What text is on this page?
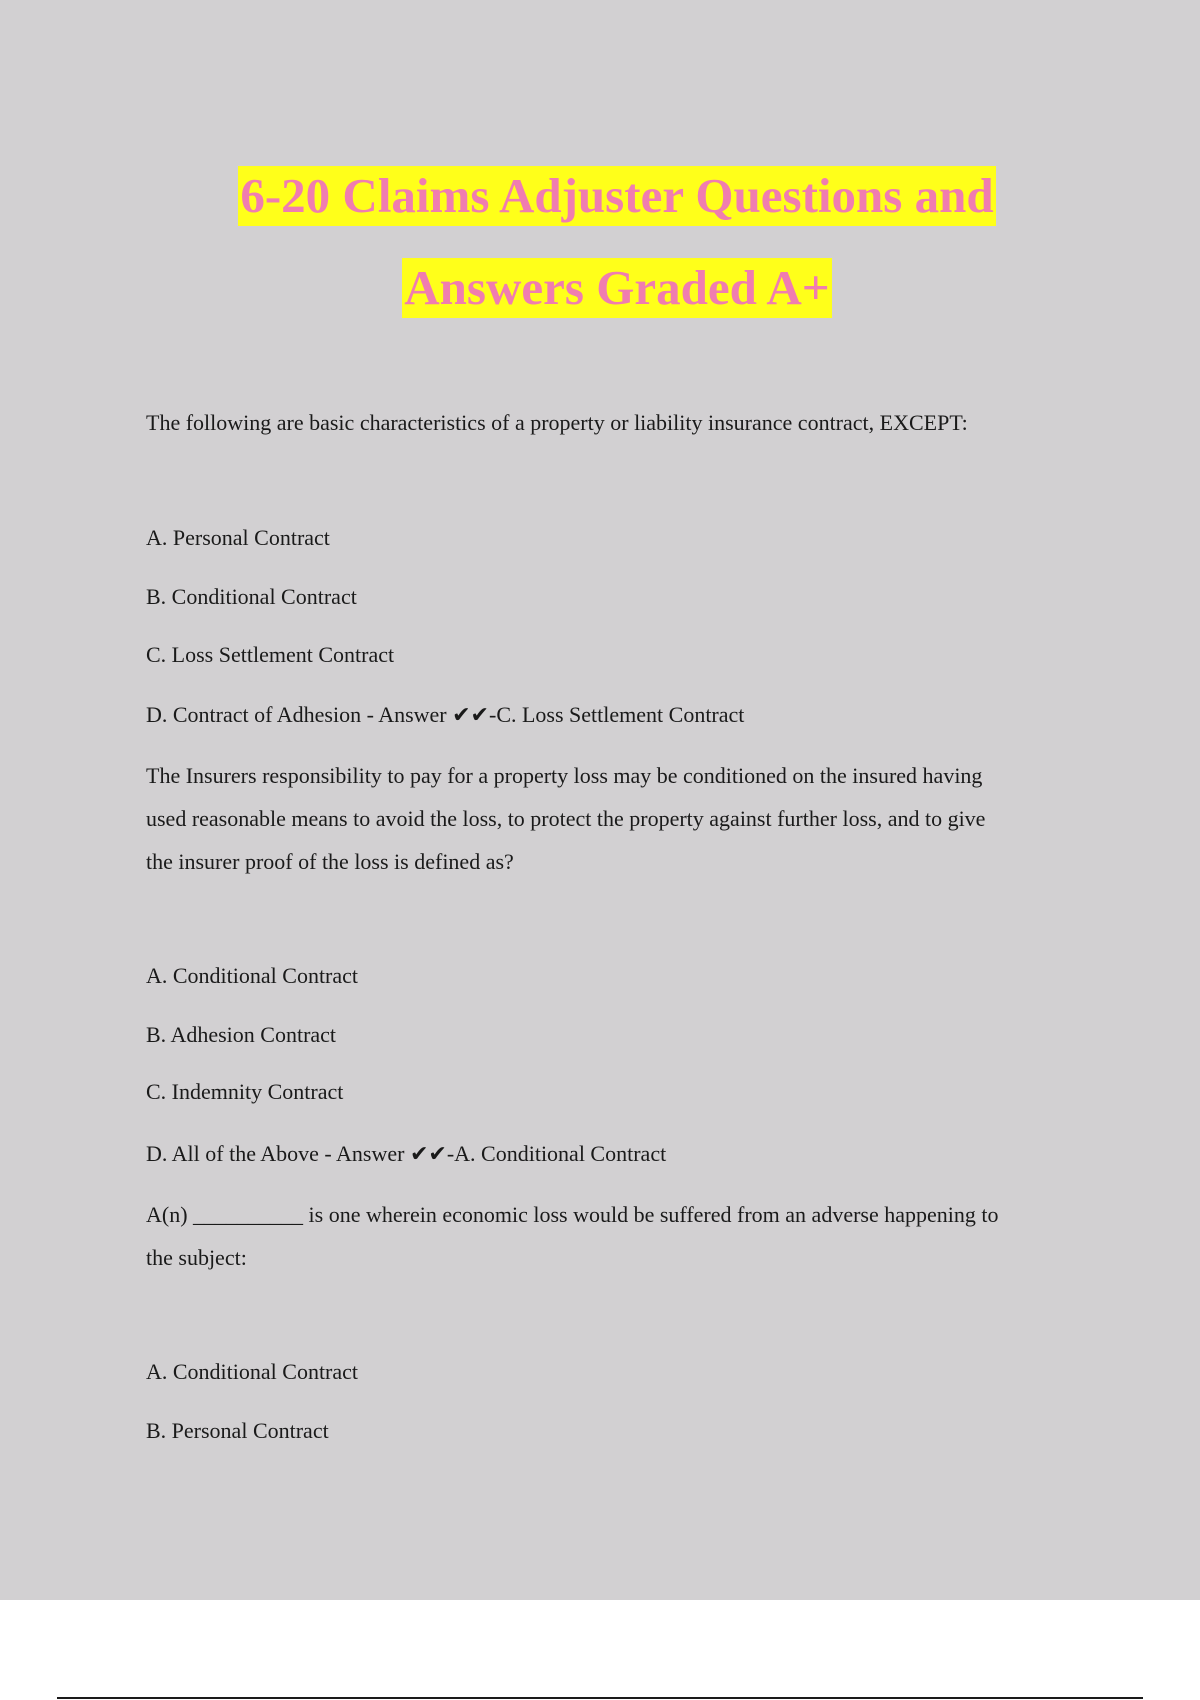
6-20 Claims Adjuster Questions and
Answers Graded A+
The following are basic characteristics of a property or liability insurance contract, EXCEPT:
A. Personal Contract
B. Conditional Contract
C. Loss Settlement Contract
D. Contract of Adhesion - Answer ✔✔-C. Loss Settlement Contract
The Insurers responsibility to pay for a property loss may be conditioned on the insured having
used reasonable means to avoid the loss, to protect the property against further loss, and to give
the insurer proof of the loss is defined as?
A. Conditional Contract
B. Adhesion Contract
C. Indemnity Contract
D. All of the Above - Answer ✔✔-A. Conditional Contract
A(n) __________ is one wherein economic loss would be suffered from an adverse happening to
the subject:
A. Conditional Contract
B. Personal Contract
